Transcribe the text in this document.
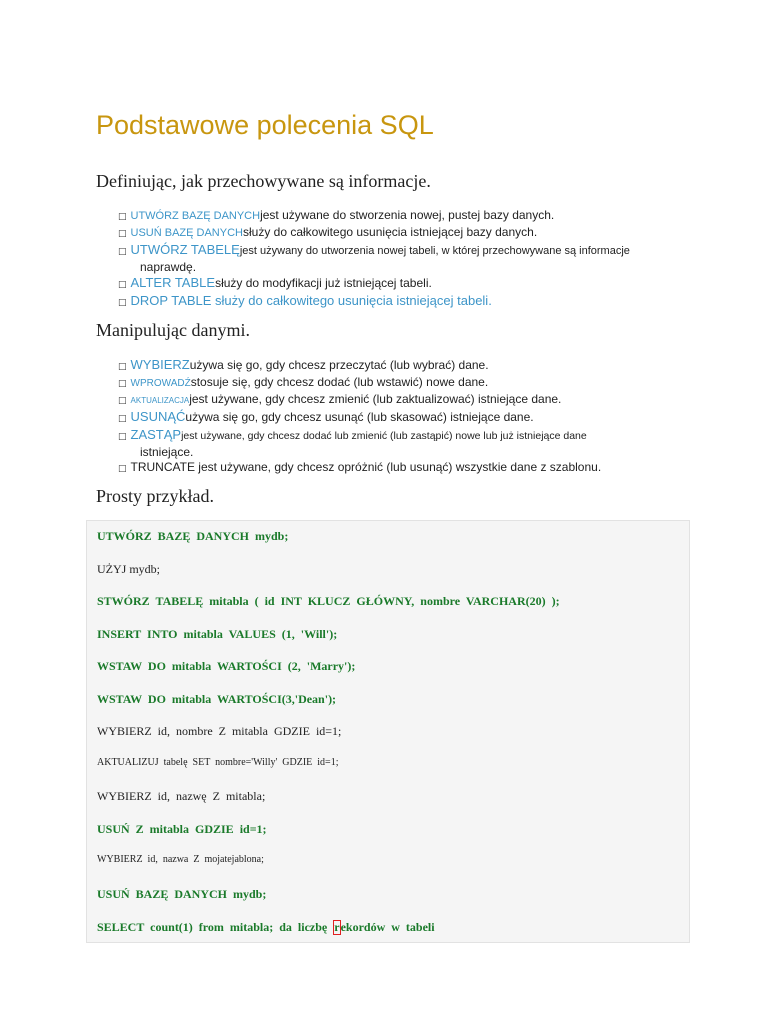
Podstawowe polecenia SQL
Definiując, jak przechowywane są informacje.
□ UTWÓRZ BAZĘ DANYCHjest używane do stworzenia nowej, pustej bazy danych.
□ USUŃ BAZĘ DANYCHsłuży do całkowitego usunięcia istniejącej bazy danych.
□ UTWÓRZ TABELĘjest używany do utworzenia nowej tabeli, w której przechowywane są informacje
naprawdę.
□ ALTER TABLEsłuży do modyfikacji już istniejącej tabeli.
□ DROP TABLE służy do całkowitego usunięcia istniejącej tabeli.
Manipulując danymi.
□ WYBIERZużywa się go, gdy chcesz przeczytać (lub wybrać) dane.
□ WPROWADŹstosuje się, gdy chcesz dodać (lub wstawić) nowe dane.
□ AKTUALIZACJAjest używane, gdy chcesz zmienić (lub zaktualizować) istniejące dane.
□ USUNĄĆużywa się go, gdy chcesz usunąć (lub skasować) istniejące dane.
□ ZASTĄPjest używane, gdy chcesz dodać lub zmienić (lub zastąpić) nowe lub już istniejące dane
istniejące.
□ TRUNCATE jest używane, gdy chcesz opróżnić (lub usunąć) wszystkie dane z szablonu.
Prosty przykład.
UTWÓRZ  BAZĘ  DANYCH  mydb;
UŻYJ mydb;
STWÓRZ  TABELĘ  mitabla  (  id  INT  KLUCZ  GŁÓWNY,  nombre  VARCHAR(20)  );
INSERT  INTO  mitabla  VALUES  (1,  'Will');
WSTAW  DO  mitabla  WARTOŚCI  (2,  'Marry');
WSTAW  DO  mitabla  WARTOŚCI(3,'Dean');
WYBIERZ  id,  nombre  Z  mitabla  GDZIE  id=1;
AKTUALIZUJ  tabelę  SET  nombre='Willy'  GDZIE  id=1;
WYBIERZ  id,  nazwę  Z  mitabla;
USUŃ  Z  mitabla  GDZIE  id=1;
WYBIERZ  id,  nazwa  Z  mojatejablona;
USUŃ  BAZĘ  DANYCH  mydb;
SELECT  count(1)  from  mitabla;  da  liczbę  rekordów  w  tabeli
